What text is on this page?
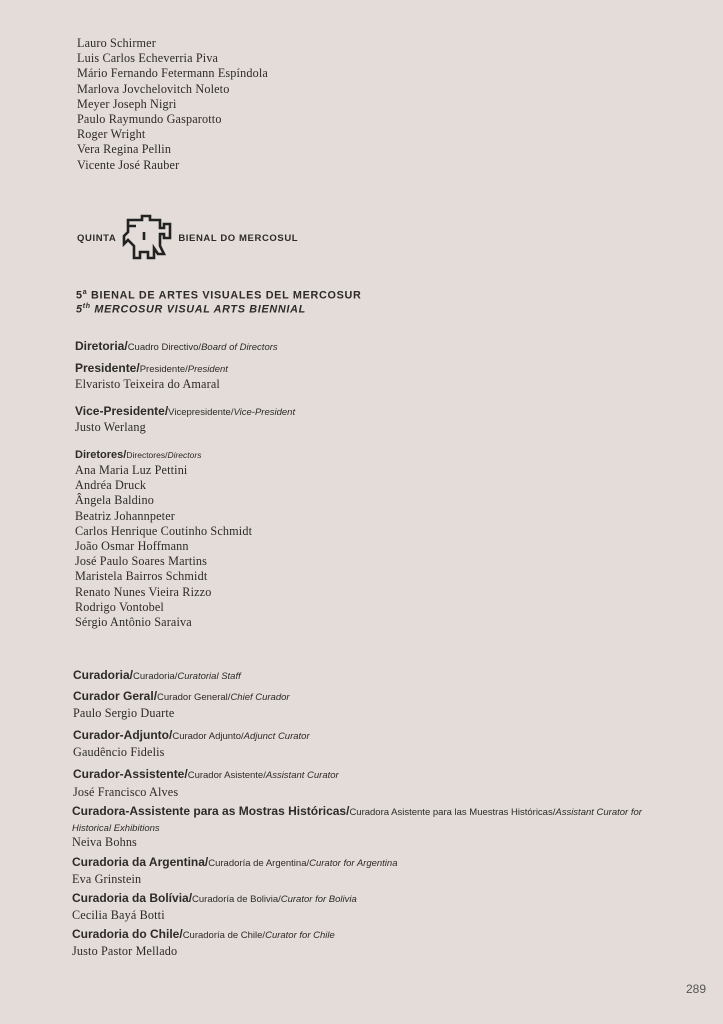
Lauro Schirmer
Luis Carlos Echeverria Piva
Mário Fernando Fetermann Espíndola
Marlova Jovchelovitch Noleto
Meyer Joseph Nigri
Paulo Raymundo Gasparotto
Roger Wright
Vera Regina Pellin
Vicente José Rauber
QUINTA	BIENAL DO MERCOSUL
5$^a$ BIENAL DE ARTES VISUALES DEL MERCOSUR
5th MERCOSUR VISUAL ARTS BIENNIAL
Diretoria/Cuadro Directivo/Board of Directors
Presidente/Presidente/President
Elvaristo Teixeira do Amaral
Vice-Presidente/Vicepresidente/Vice-President
Justo Werlang
Diretores/Directores/Directors
Ana Maria Luz Pettini
Andréa Druck
Ângela Baldino
Beatriz Johannpeter
Carlos Henrique Coutinho Schmidt
João Osmar Hoffmann
José Paulo Soares Martins
Maristela Bairros Schmidt
Renato Nunes Vieira Rizzo
Rodrigo Vontobel
Sérgio Antônio Saraiva
Curadoria/Curadoria/Curatorial Staff
Curador Geral/Curador General/Chief Curador
Paulo Sergio Duarte
Curador-Adjunto/Curador Adjunto/Adjunct Curator
Gaudêncio Fidelis
Curador-Assistente/Curador Asistente/Assistant Curator
José Francisco Alves
Curadora-Assistente para as Mostras Históricas/Curadora Asistente para las Muestras Históricas/Assistant Curator for
Historical Exhibitions
Neiva Bohns
Curadoria da Argentina/Curadoría de Argentina/Curator for Argentina
Eva Grinstein
Curadoria da Bolívia/Curadoría de Bolivia/Curator for Bolivia
Cecilia Bayá Botti
Curadoria do Chile/Curadoría de Chile/Curator for Chile
Justo Pastor Mellado
289
